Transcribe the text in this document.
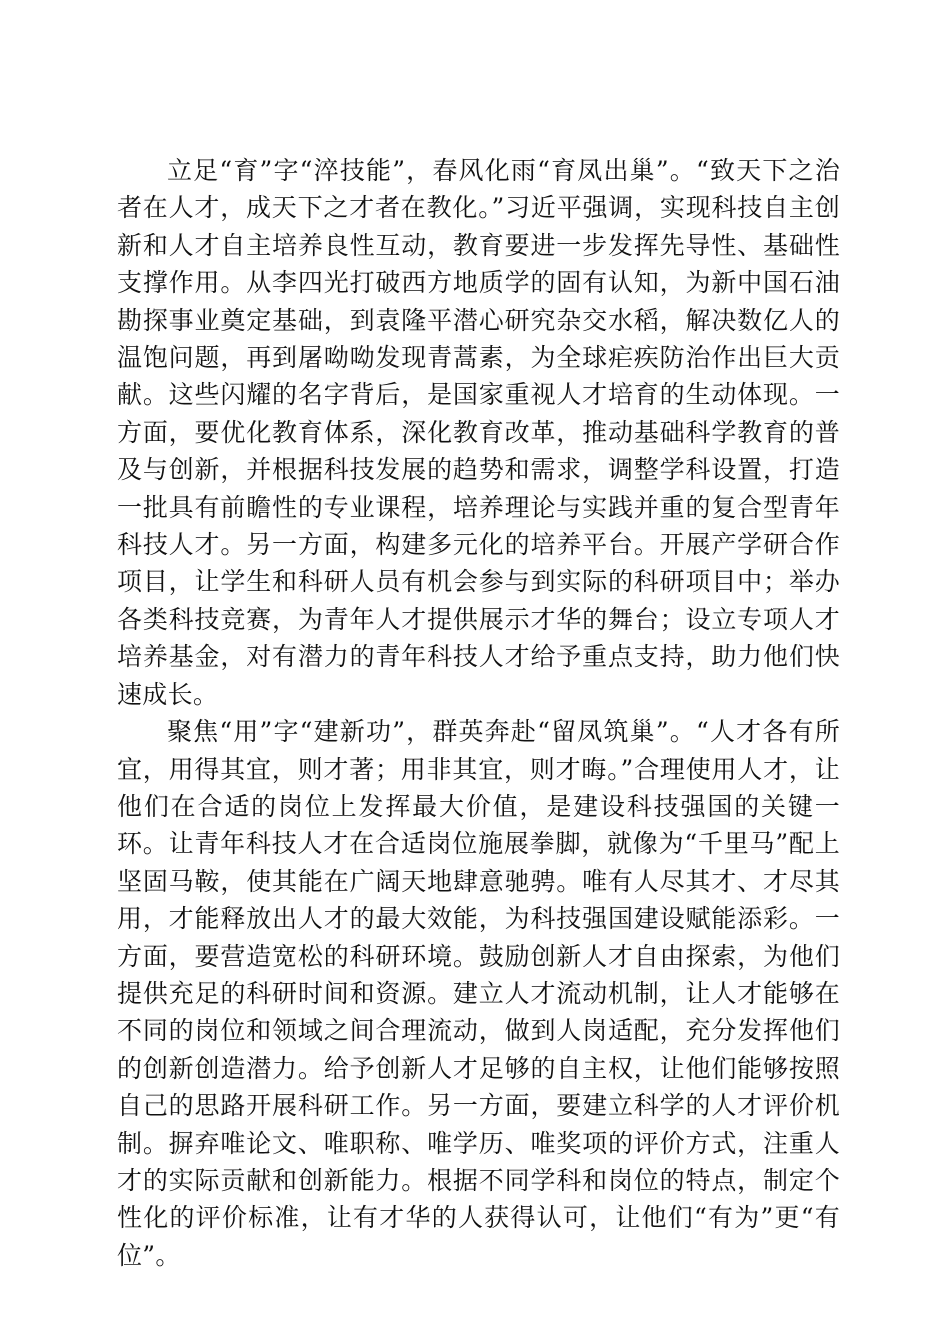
立足“育”字“淬技能”，春风化雨“育凤出巢”。“致天下之治者在人才，成天下之才者在教化。”习近平强调，实现科技自主创新和人才自主培养良性互动，教育要进一步发挥先导性、基础性支撑作用。从李四光打破西方地质学的固有认知，为新中国石油勘探事业奠定基础，到袁隆平潜心研究杂交水稻，解决数亿人的温饱问题，再到屠呦呦发现青蒿素，为全球疟疾防治作出巨大贡献。这些闪耀的名字背后，是国家重视人才培育的生动体现。一方面，要优化教育体系，深化教育改革，推动基础科学教育的普及与创新，并根据科技发展的趋势和需求，调整学科设置，打造一批具有前瞻性的专业课程，培养理论与实践并重的复合型青年科技人才。另一方面，构建多元化的培养平台。开展产学研合作项目，让学生和科研人员有机会参与到实际的科研项目中；举办各类科技竞赛，为青年人才提供展示才华的舞台；设立专项人才培养基金，对有潜力的青年科技人才给予重点支持，助力他们快速成长。

聚焦“用”字“建新功”，群英奔赴“留凤筑巢”。“人才各有所宜，用得其宜，则才著；用非其宜，则才晦。”合理使用人才，让他们在合适的岗位上发挥最大价值，是建设科技强国的关键一环。让青年科技人才在合适岗位施展拳脚，就像为“千里马”配上坚固马鞍，使其能在广阔天地肆意驰骋。唯有人尽其才、才尽其用，才能释放出人才的最大效能，为科技强国建设赋能添彩。一方面，要营造宽松的科研环境。鼓励创新人才自由探索，为他们提供充足的科研时间和资源。建立人才流动机制，让人才能够在不同的岗位和领域之间合理流动，做到人岗适配，充分发挥他们的创新创造潜力。给予创新人才足够的自主权，让他们能够按照自己的思路开展科研工作。另一方面，要建立科学的人才评价机制。摒弃唯论文、唯职称、唯学历、唯奖项的评价方式，注重人才的实际贡献和创新能力。根据不同学科和岗位的特点，制定个性化的评价标准，让有才华的人获得认可，让他们“有为”更“有位”。
